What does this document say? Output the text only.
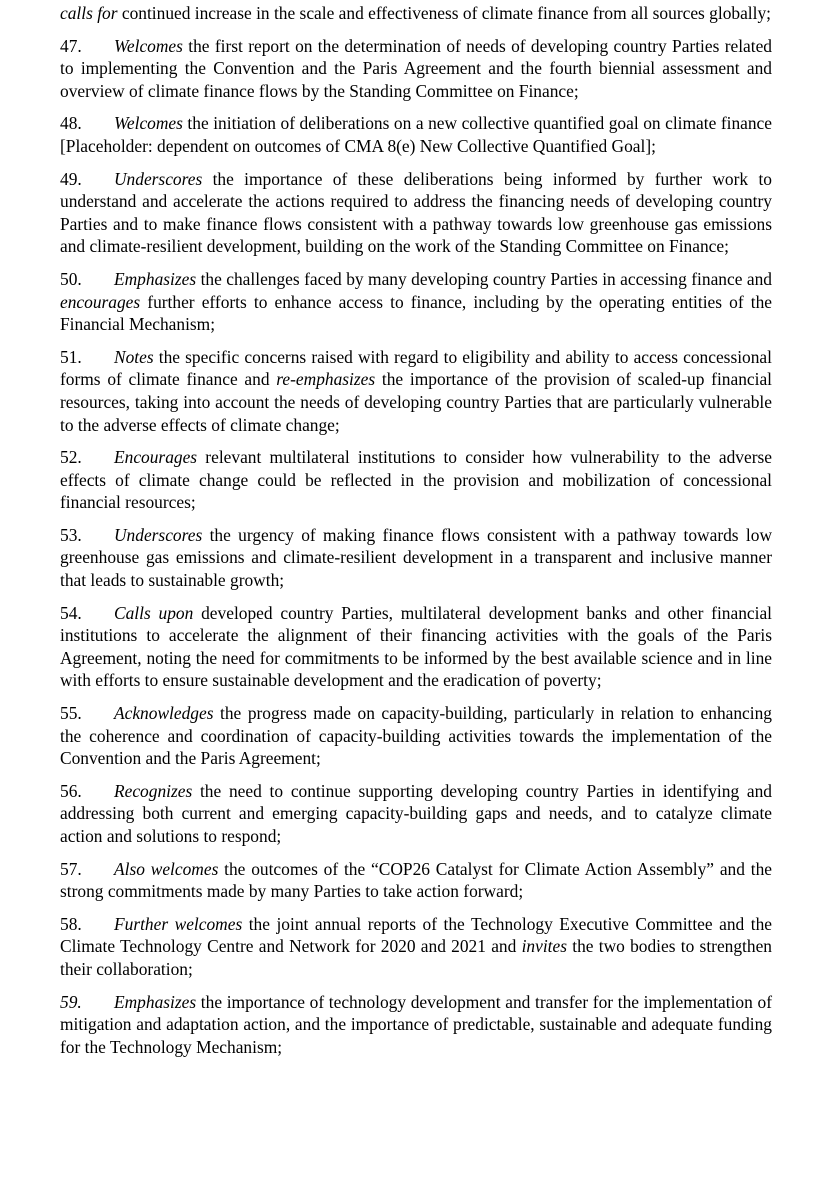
calls for continued increase in the scale and effectiveness of climate finance from all sources globally;

47. Welcomes the first report on the determination of needs of developing country Parties related to implementing the Convention and the Paris Agreement and the fourth biennial assessment and overview of climate finance flows by the Standing Committee on Finance;

48. Welcomes the initiation of deliberations on a new collective quantified goal on climate finance [Placeholder: dependent on outcomes of CMA 8(e) New Collective Quantified Goal];

49. Underscores the importance of these deliberations being informed by further work to understand and accelerate the actions required to address the financing needs of developing country Parties and to make finance flows consistent with a pathway towards low greenhouse gas emissions and climate-resilient development, building on the work of the Standing Committee on Finance;

50. Emphasizes the challenges faced by many developing country Parties in accessing finance and encourages further efforts to enhance access to finance, including by the operating entities of the Financial Mechanism;

51. Notes the specific concerns raised with regard to eligibility and ability to access concessional forms of climate finance and re-emphasizes the importance of the provision of scaled-up financial resources, taking into account the needs of developing country Parties that are particularly vulnerable to the adverse effects of climate change;

52. Encourages relevant multilateral institutions to consider how vulnerability to the adverse effects of climate change could be reflected in the provision and mobilization of concessional financial resources;

53. Underscores the urgency of making finance flows consistent with a pathway towards low greenhouse gas emissions and climate-resilient development in a transparent and inclusive manner that leads to sustainable growth;

54. Calls upon developed country Parties, multilateral development banks and other financial institutions to accelerate the alignment of their financing activities with the goals of the Paris Agreement, noting the need for commitments to be informed by the best available science and in line with efforts to ensure sustainable development and the eradication of poverty;

55. Acknowledges the progress made on capacity-building, particularly in relation to enhancing the coherence and coordination of capacity-building activities towards the implementation of the Convention and the Paris Agreement;

56. Recognizes the need to continue supporting developing country Parties in identifying and addressing both current and emerging capacity-building gaps and needs, and to catalyze climate action and solutions to respond;

57. Also welcomes the outcomes of the “COP26 Catalyst for Climate Action Assembly” and the strong commitments made by many Parties to take action forward;

58. Further welcomes the joint annual reports of the Technology Executive Committee and the Climate Technology Centre and Network for 2020 and 2021 and invites the two bodies to strengthen their collaboration;

59. Emphasizes the importance of technology development and transfer for the implementation of mitigation and adaptation action, and the importance of predictable, sustainable and adequate funding for the Technology Mechanism;
